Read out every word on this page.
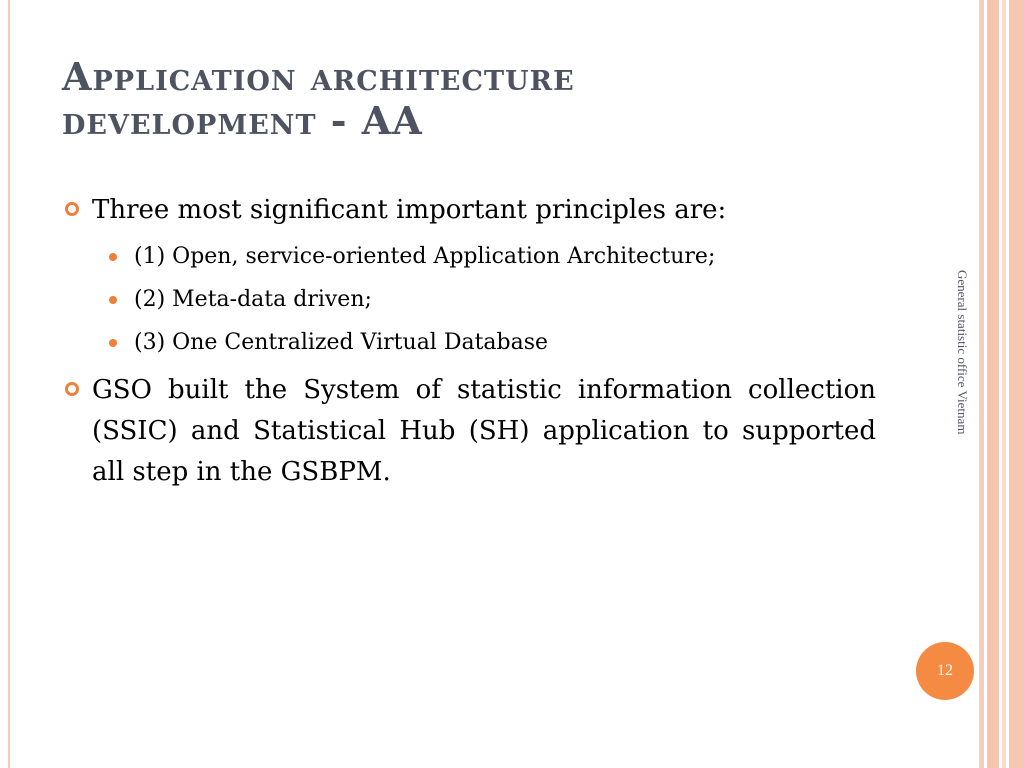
Application architecture
development - AA
Three most significant important principles are:
(1) Open, service-oriented Application Architecture;
(2) Meta-data driven;
(3) One Centralized Virtual Database
GSO built the System of statistic information collection (SSIC) and Statistical Hub (SH) application to supported all step in the GSBPM.
General statistic office Vietnam
12
